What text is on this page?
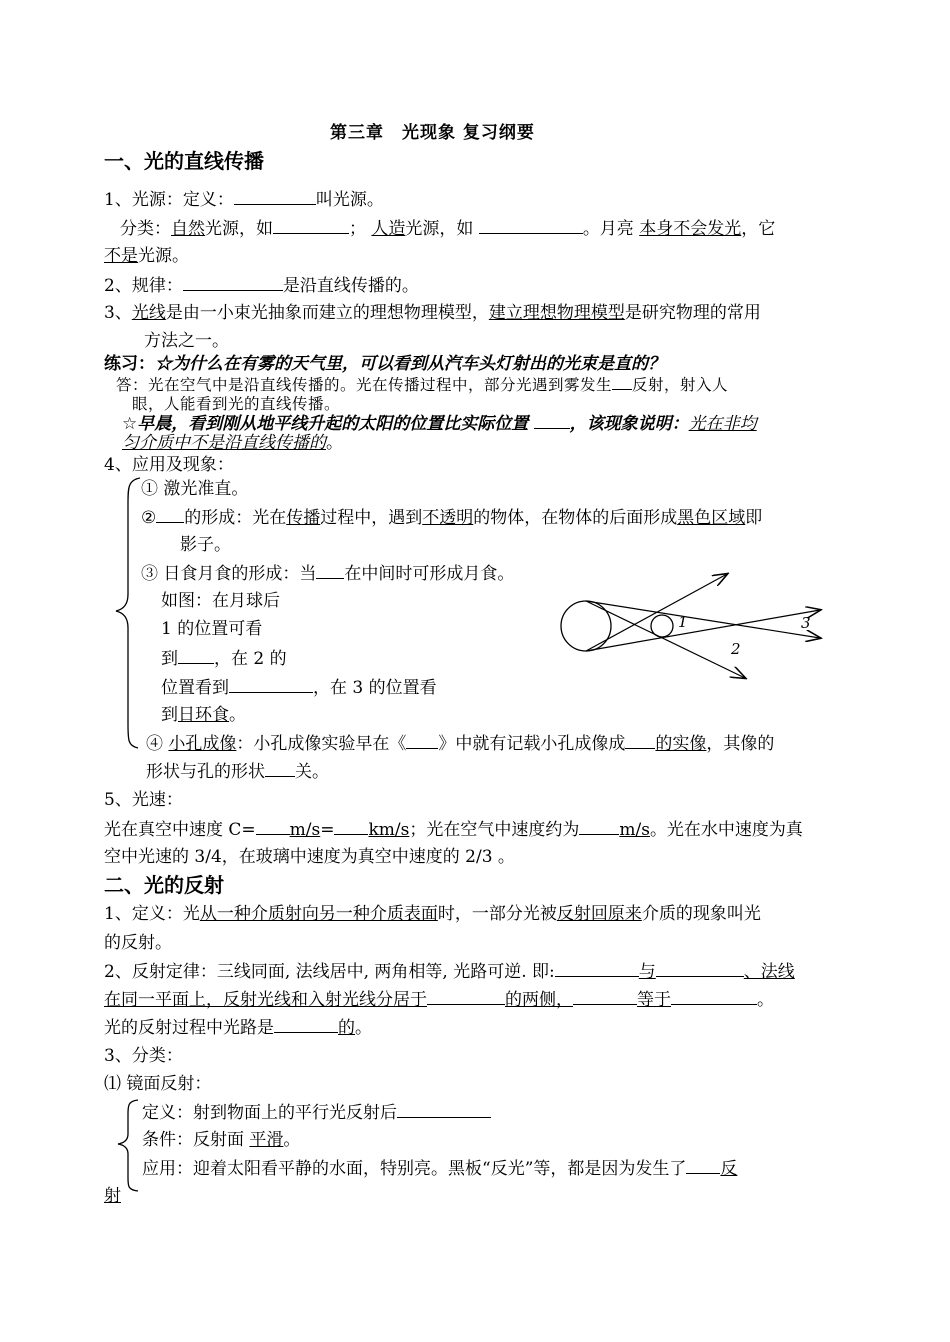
第三章　光现象 复习纲要
一、光的直线传播
1、光源：定义：	叫光源。
分类：自然光源，如	； 人造光源，如	。月亮 本身不会发光，它
不是光源。
2、规律：	是沿直线传播的。
3、光线是由一小束光抽象而建立的理想物理模型，建立理想物理模型是研究物理的常用
方法之一。
练习：☆为什么在有雾的天气里，可以看到从汽车头灯射出的光束是直的？
答：光在空气中是沿直线传播的。光在传播过程中，部分光遇到雾发生 反射，射入人
眼，人能看到光的直线传播。
☆早晨，看到刚从地平线升起的太阳的位置比实际位置 ，该现象说明：光在非均
匀介质中不是沿直线传播的。
4、应用及现象：
① 激光准直。
② 的形成：光在传播过程中，遇到不透明的物体，在物体的后面形成黑色区域即
影子。
③ 日食月食的形成：当 在中间时可形成月食。
如图：在月球后
1 的位置可看
到 ，在 2 的
位置看到	，在 3 的位置看
到日环食。
1
2
3
④ 小孔成像：小孔成像实验早在《 》中就有记载小孔成像成 的实像，其像的
形状与孔的形状 关。
5、光速：
光在真空中速度 C= m/s= km/s；光在空气中速度约为 m/s。光在水中速度为真
空中光速的 3/4，在玻璃中速度为真空中速度的 2/3 。
二、光的反射
1、定义：光从一种介质射向另一种介质表面时，一部分光被反射回原来介质的现象叫光
的反射。
2、反射定律：三线同面, 法线居中, 两角相等, 光路可逆. 即:	与	、法线
在同一平面上，反射光线和入射光线分居于	的两侧，	等于	。
光的反射过程中光路是	的。
3、分类：
⑴ 镜面反射：
定义：射到物面上的平行光反射后
条件：反射面 平滑。
应用：迎着太阳看平静的水面，特别亮。黑板“反光”等，都是因为发生了 反
射
